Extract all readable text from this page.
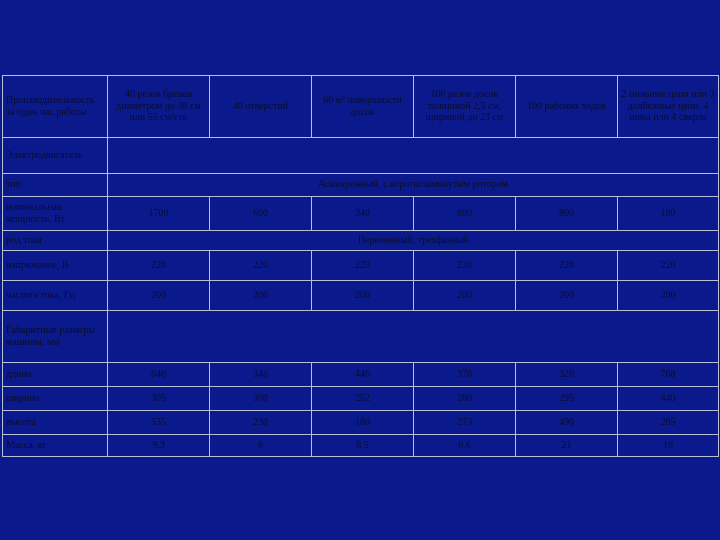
Производительность за один час работы	40 резов бревен диаметром до 38 см или 55 см/сек	40 отверстий	60 м² поверхности досок	100 резов досок толщиной 2,5 см, шириной до 23 см	100 рабочих ходов	2 пильные цепи или 3 долбежные цепи, 4 ножа или 4 сверла
Электродвигатель						
тип	Асинхронный, с короткозамкнутым ротором					
номинальная мощность, Вт	1700	600	340	800	800	180
род тока	Переменный, трехфазный					
напряжение, В	220	220	220	220	220	220
частота тока, Гц	200	200	200	200	200	200
Габаритные размеры машины, мм						
длина	640	346	446	378	320	768
ширина	305	300	252	280	295	440
высота	535	230	180	273	490	265
Масса, кг	9,3	6	8,5	6,6	21	16
